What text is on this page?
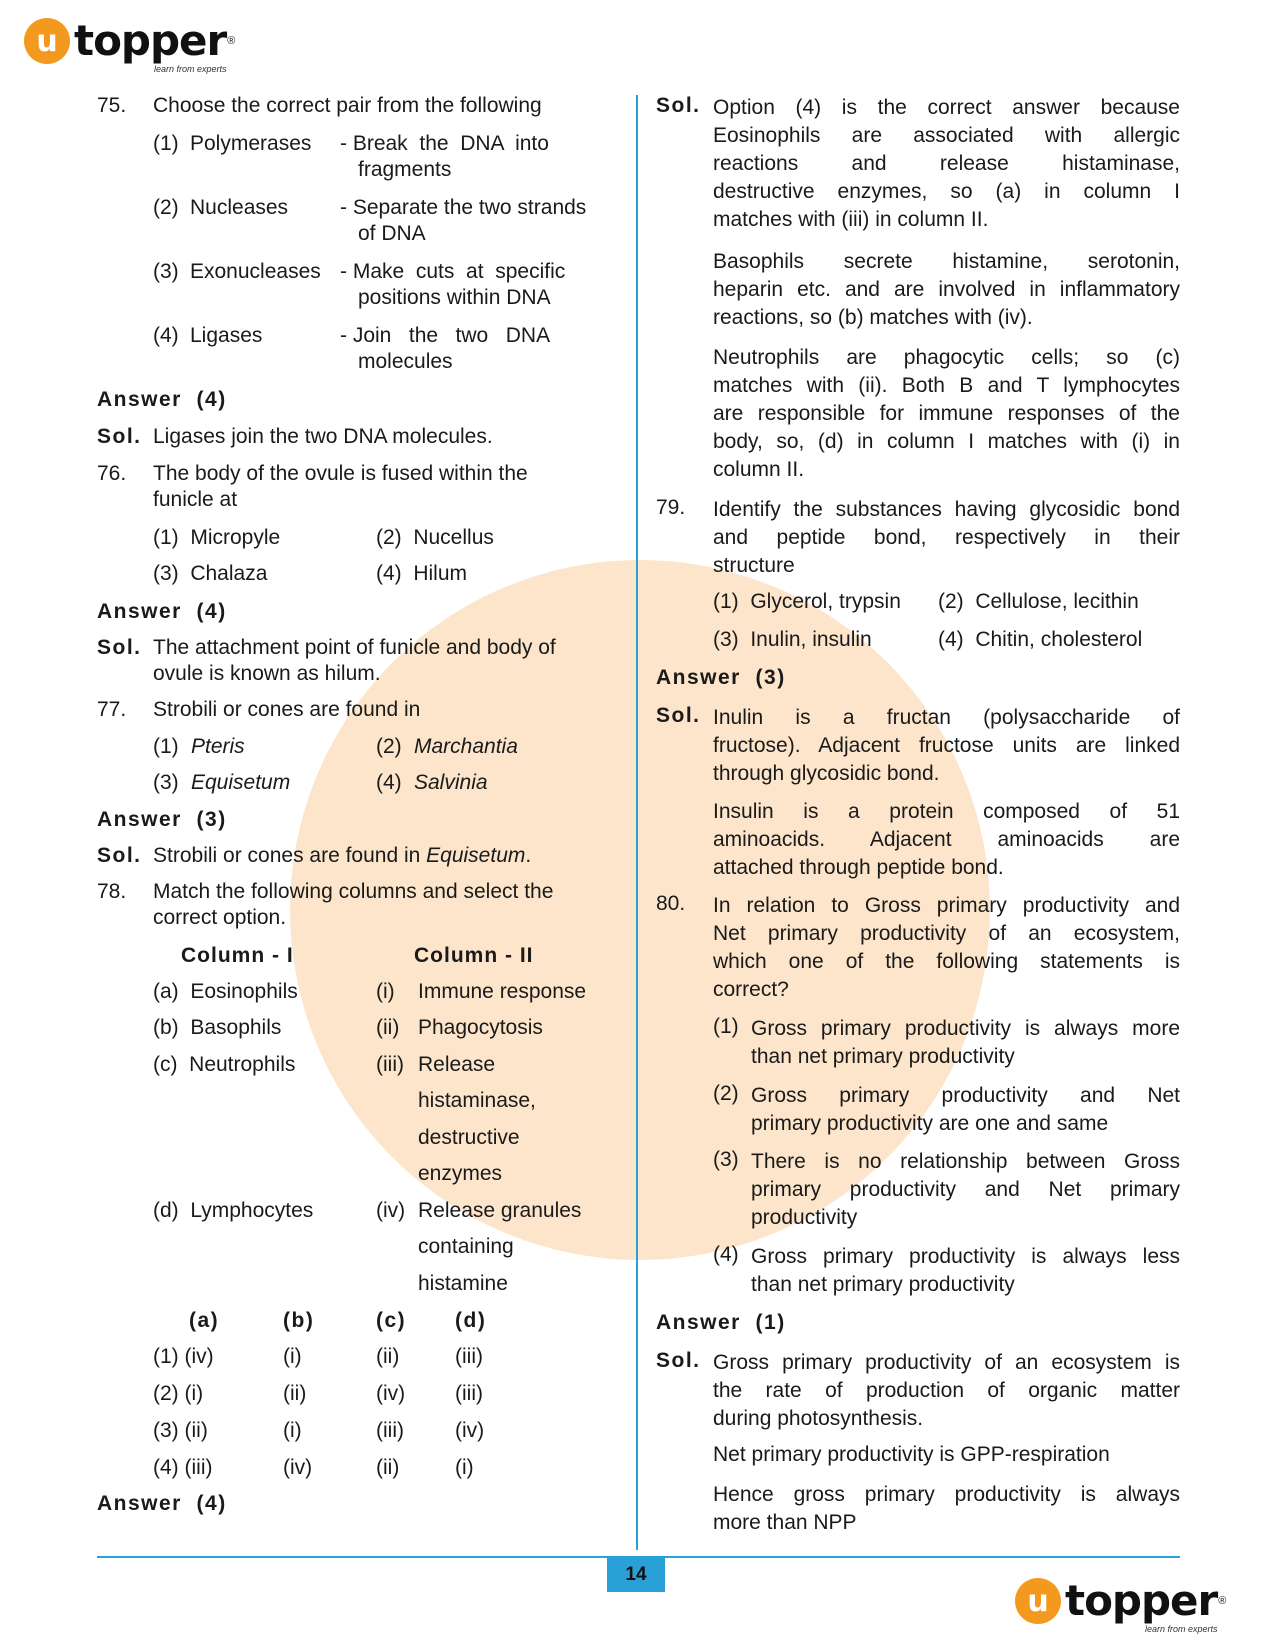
u topper ®
learn from experts
75. Choose the correct pair from the following
(1) Polymerases - Break  the  DNA  into
fragments
(2) Nucleases - Separate the two strands
of DNA
(3) Exonucleases - Make  cuts  at  specific
positions within DNA
(4) Ligases	- Join   the   two   DNA
molecules
Answer  (4)
Sol. Ligases join the two DNA molecules.
76. The body of the ovule is fused within the
funicle at
(1)  Micropyle	(2)  Nucellus
(3)  Chalaza	(4)  Hilum
Answer  (4)
Sol. The attachment point of funicle and body of
ovule is known as hilum.
77. Strobili or cones are found in
(1) Pteris	(2) Marchantia
(3) Equisetum	(4) Salvinia
Answer  (3)
Sol. Strobili or cones are found in Equisetum.
78. Match the following columns and select the
correct option.
Column - I	Column - II
(a)  Eosinophils	(i) Immune response
(b)  Basophils	(ii) Phagocytosis
(c)  Neutrophils	(iii) Release
histaminase,
destructive
enzymes
(d)  Lymphocytes	(iv) Release granules
containing
histamine
(a)	(b)	(c) (d)
(1) (iv)	(i)	(ii)	(iii)
(2) (i)	(ii)	(iv) (iii)
(3) (ii)	(i)	(iii) (iv)
(4) (iii)	(iv)	(ii)	(i)
Answer  (4)
Sol. Option (4) is the correct answer because
Eosinophils are associated with allergic
reactions and release histaminase,
destructive enzymes, so (a) in column I
matches with (iii) in column II.
Basophils secrete histamine, serotonin,
heparin etc. and are involved in inflammatory
reactions, so (b) matches with (iv).
Neutrophils are phagocytic cells; so (c)
matches with (ii). Both B and T lymphocytes
are responsible for immune responses of the
body, so, (d) in column I matches with (i) in
column II.
79. Identify the substances having glycosidic bond
and peptide bond, respectively in their
structure
(1)  Glycerol, trypsin (2)  Cellulose, lecithin
(3)  Inulin, insulin	(4)  Chitin, cholesterol
Answer  (3)
Sol. Inulin is a fructan (polysaccharide of
fructose). Adjacent fructose units are linked
through glycosidic bond.
Insulin is a protein composed of 51
aminoacids. Adjacent aminoacids are
attached through peptide bond.
80. In relation to Gross primary productivity and
Net primary productivity of an ecosystem,
which one of the following statements is
correct?
(1) Gross primary productivity is always more
than net primary productivity
(2) Gross primary productivity and Net
primary productivity are one and same
(3) There is no relationship between Gross
primary productivity and Net primary
productivity
(4) Gross primary productivity is always less
than net primary productivity
Answer  (1)
Sol. Gross primary productivity of an ecosystem is
the rate of production of organic matter
during photosynthesis.
Net primary productivity is GPP-respiration
Hence gross primary productivity is always
more than NPP
14
u topper ®
learn from experts
